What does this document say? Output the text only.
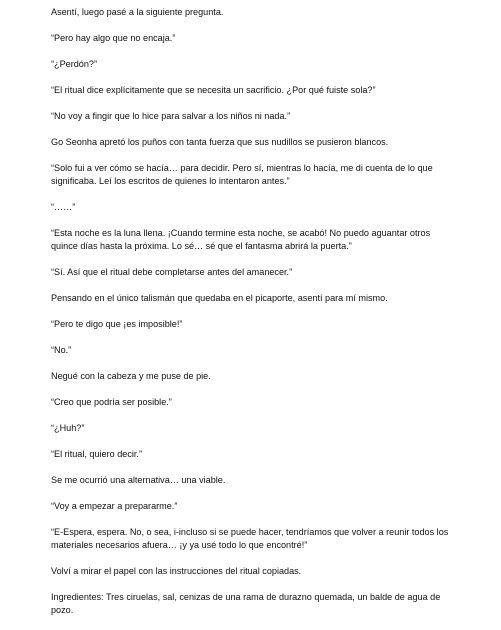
Asentí, luego pasé a la siguiente pregunta.

“Pero hay algo que no encaja.”

“¿Perdón?”

“El ritual dice explícitamente que se necesita un sacrificio. ¿Por qué fuiste sola?”

“No voy a fingir que lo hice para salvar a los niños ni nada.”

Go Seonha apretó los puños con tanta fuerza que sus nudillos se pusieron blancos.

“Solo fui a ver cómo se hacía… para decidir. Pero sí, mientras lo hacía, me di cuenta de lo que significaba. Leí los escritos de quienes lo intentaron antes.”

“……”

“Esta noche es la luna llena. ¡Cuando termine esta noche, se acabó! No puedo aguantar otros quince días hasta la próxima. Lo sé… sé que el fantasma abrirá la puerta.”

“Sí. Así que el ritual debe completarse antes del amanecer.”

Pensando en el único talismán que quedaba en el picaporte, asentí para mí mismo.

“Pero te digo que ¡es imposible!”

“No.”

Negué con la cabeza y me puse de pie.

“Creo que podría ser posible.”

“¿Huh?”

“El ritual, quiero decir.”

Se me ocurrió una alternativa… una viable.

“Voy a empezar a prepararme.”

“E-Espera, espera. No, o sea, i-incluso si se puede hacer, tendríamos que volver a reunir todos los materiales necesarios afuera… ¡y ya usé todo lo que encontré!”

Volví a mirar el papel con las instrucciones del ritual copiadas.

Ingredientes: Tres ciruelas, sal, cenizas de una rama de durazno quemada, un balde de agua de pozo.
